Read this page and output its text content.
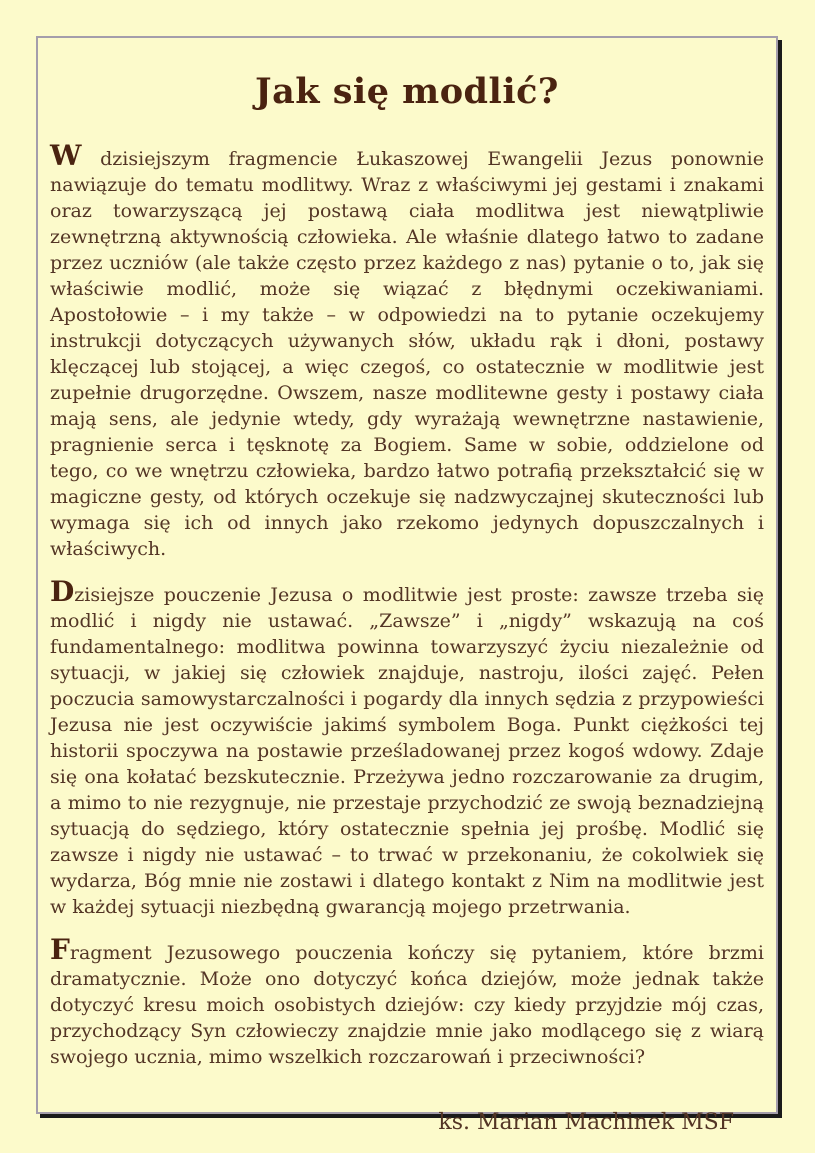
Jak się modlić?

W dzisiejszym fragmencie Łukaszowej Ewangelii Jezus ponownie nawiązuje do tematu modlitwy. Wraz z właściwymi jej gestami i znakami oraz towarzyszącą jej postawą ciała modlitwa jest niewątpliwie zewnętrzną aktywnością człowieka. Ale właśnie dlatego łatwo to zadane przez uczniów (ale także często przez każdego z nas) pytanie o to, jak się właściwie modlić, może się wiązać z błędnymi oczekiwaniami. Apostołowie – i my także – w odpowiedzi na to pytanie oczekujemy instrukcji dotyczących używanych słów, układu rąk i dłoni, postawy klęczącej lub stojącej, a więc czegoś, co ostatecznie w modlitwie jest zupełnie drugorzędne. Owszem, nasze modlitewne gesty i postawy ciała mają sens, ale jedynie wtedy, gdy wyrażają wewnętrzne nastawienie, pragnienie serca i tęsknotę za Bogiem. Same w sobie, oddzielone od tego, co we wnętrzu człowieka, bardzo łatwo potrafią przekształcić się w magiczne gesty, od których oczekuje się nadzwyczajnej skuteczności lub wymaga się ich od innych jako rzekomo jedynych dopuszczalnych i właściwych.

Dzisiejsze pouczenie Jezusa o modlitwie jest proste: zawsze trzeba się modlić i nigdy nie ustawać. „Zawsze” i „nigdy” wskazują na coś fundamentalnego: modlitwa powinna towarzyszyć życiu niezależnie od sytuacji, w jakiej się człowiek znajduje, nastroju, ilości zajęć. Pełen poczucia samowystarczalności i pogardy dla innych sędzia z przypowieści Jezusa nie jest oczywiście jakimś symbolem Boga. Punkt ciężkości tej historii spoczywa na postawie prześladowanej przez kogoś wdowy. Zdaje się ona kołatać bezskutecznie. Przeżywa jedno rozczarowanie za drugim, a mimo to nie rezygnuje, nie przestaje przychodzić ze swoją beznadziejną sytuacją do sędziego, który ostatecznie spełnia jej prośbę. Modlić się zawsze i nigdy nie ustawać – to trwać w przekonaniu, że cokolwiek się wydarza, Bóg mnie nie zostawi i dlatego kontakt z Nim na modlitwie jest w każdej sytuacji niezbędną gwarancją mojego przetrwania.

Fragment Jezusowego pouczenia kończy się pytaniem, które brzmi dramatycznie. Może ono dotyczyć końca dziejów, może jednak także dotyczyć kresu moich osobistych dziejów: czy kiedy przyjdzie mój czas, przychodzący Syn człowieczy znajdzie mnie jako modlącego się z wiarą swojego ucznia, mimo wszelkich rozczarowań i przeciwności?

ks. Marian Machinek MSF
